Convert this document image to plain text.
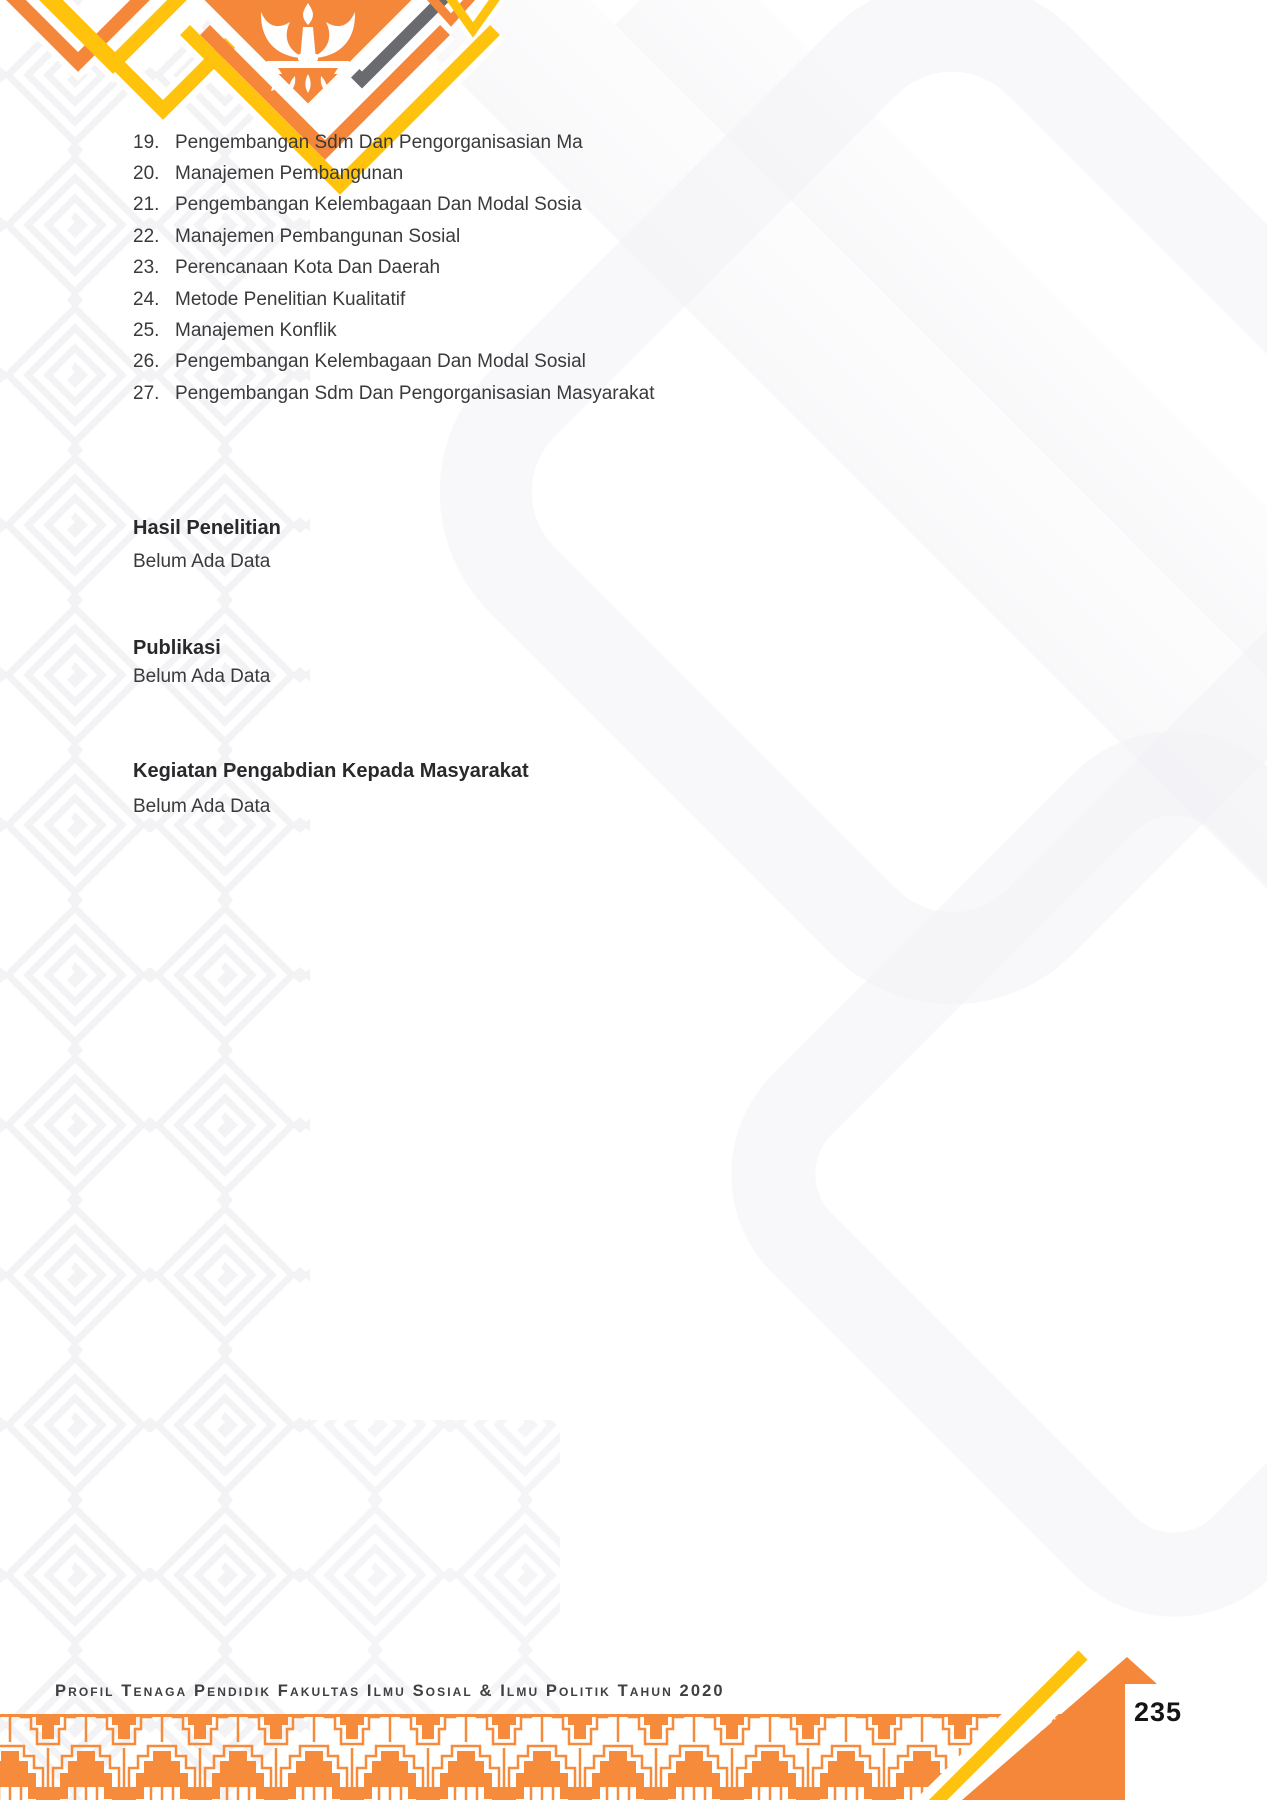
19. Pengembangan Sdm Dan Pengorganisasian Ma
20. Manajemen Pembangunan
21. Pengembangan Kelembagaan Dan Modal Sosia
22. Manajemen Pembangunan Sosial
23. Perencanaan Kota Dan Daerah
24. Metode Penelitian Kualitatif
25. Manajemen Konflik
26. Pengembangan Kelembagaan Dan Modal Sosial
27. Pengembangan Sdm Dan Pengorganisasian Masyarakat
Hasil Penelitian
Belum Ada Data
Publikasi
Belum Ada Data
Kegiatan Pengabdian Kepada Masyarakat
Belum Ada Data
Profil Tenaga Pendidik Fakultas Ilmu Sosial & Ilmu Politik Tahun 2020
235
